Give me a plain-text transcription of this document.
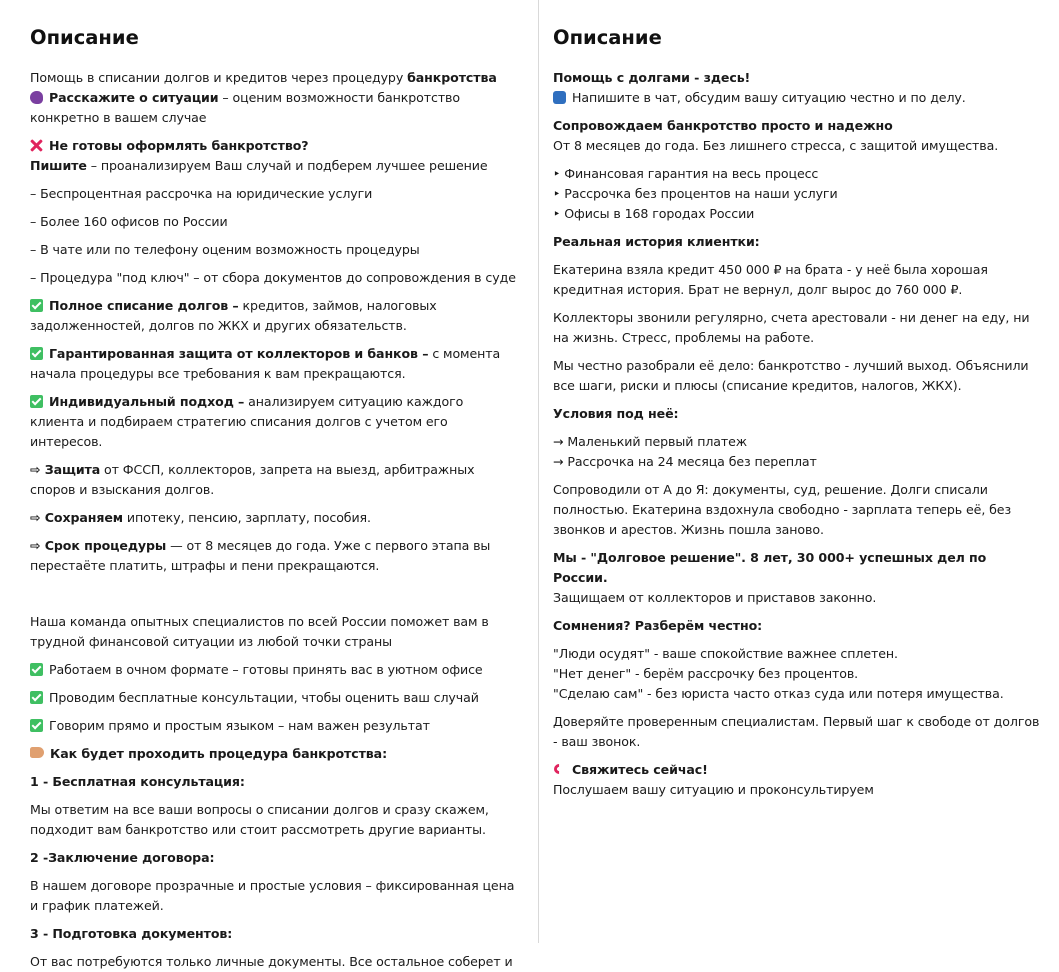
Описание

Помощь в списании долгов и кредитов через процедуру банкротства
Расскажите о ситуации – оценим возможности банкротство конкретно в вашем случае

Не готовы оформлять банкротство?
Пишите – проанализируем Ваш случай и подберем лучшее решение

– Беспроцентная рассрочка на юридические услуги

– Более 160 офисов по России

– В чате или по телефону оценим возможность процедуры

– Процедура "под ключ" – от сбора документов до сопровождения в суде

Полное списание долгов – кредитов, займов, налоговых задолженностей, долгов по ЖКХ и других обязательств.

Гарантированная защита от коллекторов и банков – с момента начала процедуры все требования к вам прекращаются.

Индивидуальный подход – анализируем ситуацию каждого клиента и подбираем стратегию списания долгов с учетом его интересов.

⇨ Защита от ФССП, коллекторов, запрета на выезд, арбитражных споров и взыскания долгов.

⇨ Сохраняем ипотеку, пенсию, зарплату, пособия.

⇨ Срок процедуры — от 8 месяцев до года. Уже с первого этапа вы перестаёте платить, штрафы и пени прекращаются.

Наша команда опытных специалистов по всей России поможет вам в трудной финансовой ситуации из любой точки страны

Работаем в очном формате – готовы принять вас в уютном офисе

Проводим бесплатные консультации, чтобы оценить ваш случай

Говорим прямо и простым языком – нам важен результат

Как будет проходить процедура банкротства:

1 - Бесплатная консультация:

Мы ответим на все ваши вопросы о списании долгов и сразу скажем, подходит вам банкротство или стоит рассмотреть другие варианты.

2 -Заключение договора:

В нашем договоре прозрачные и простые условия – фиксированная цена и график платежей.

3 - Подготовка документов:

От вас потребуются только личные документы. Все остальное соберет и

Описание

Помощь с долгами - здесь!
Напишите в чат, обсудим вашу ситуацию честно и по делу.

Сопровождаем банкротство просто и надежно
От 8 месяцев до года. Без лишнего стресса, с защитой имущества.

‣ Финансовая гарантия на весь процесс
‣ Рассрочка без процентов на наши услуги
‣ Офисы в 168 городах России

Реальная история клиентки:

Екатерина взяла кредит 450 000 ₽ на брата - у неё была хорошая кредитная история. Брат не вернул, долг вырос до 760 000 ₽.

Коллекторы звонили регулярно, счета арестовали - ни денег на еду, ни на жизнь. Стресс, проблемы на работе.

Мы честно разобрали её дело: банкротство - лучший выход. Объяснили все шаги, риски и плюсы (списание кредитов, налогов, ЖКХ).

Условия под неё:

→ Маленький первый платеж
→ Рассрочка на 24 месяца без переплат

Сопроводили от А до Я: документы, суд, решение. Долги списали полностью. Екатерина вздохнула свободно - зарплата теперь её, без звонков и арестов. Жизнь пошла заново.

Мы - "Долговое решение". 8 лет, 30 000+ успешных дел по России.
Защищаем от коллекторов и приставов законно.

Сомнения? Разберём честно:

"Люди осудят" - ваше спокойствие важнее сплетен.
"Нет денег" - берём рассрочку без процентов.
"Сделаю сам" - без юриста часто отказ суда или потеря имущества.

Доверяйте проверенным специалистам. Первый шаг к свободе от долгов - ваш звонок.

Свяжитесь сейчас!
Послушаем вашу ситуацию и проконсультируем
